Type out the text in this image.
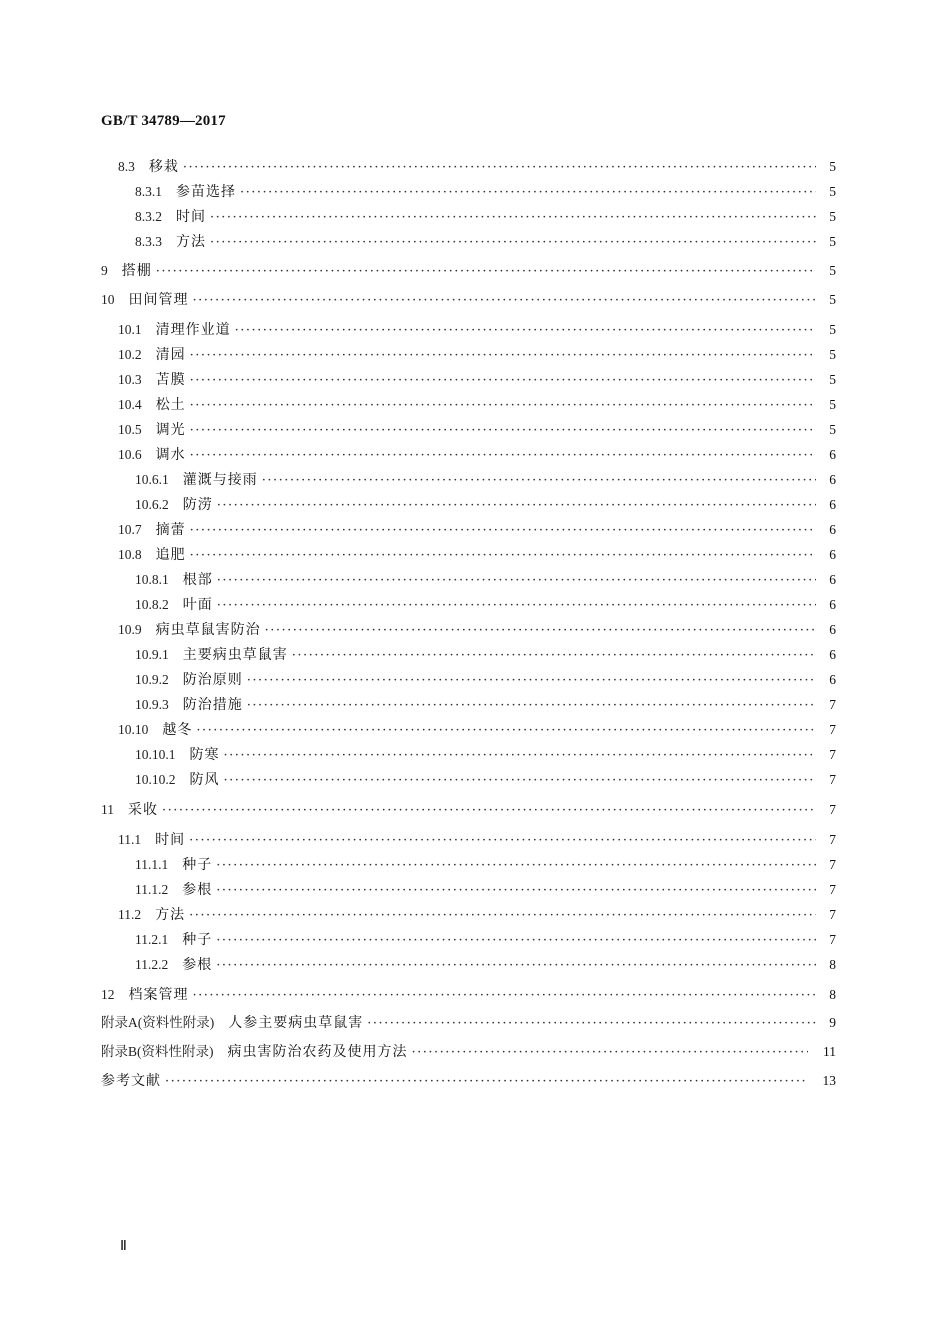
GB/T 34789—2017
8.3 移栽 ·····	5
8.3.1 参苗选择 ·····	5
8.3.2 时间 ·····	5
8.3.3 方法 ·····	5
9 搭棚 ·····	5
10 田间管理 ·····	5
10.1 清理作业道 ·····	5
10.2 清园 ·····	5
10.3 苫膜 ·····	5
10.4 松土 ·····	5
10.5 调光 ·····	5
10.6 调水 ·····	6
10.6.1 灌溉与接雨 ·····	6
10.6.2 防涝 ·····	6
10.7 摘蕾 ·····	6
10.8 追肥 ·····	6
10.8.1 根部 ·····	6
10.8.2 叶面 ·····	6
10.9 病虫草鼠害防治 ·····	6
10.9.1 主要病虫草鼠害 ·····	6
10.9.2 防治原则 ·····	6
10.9.3 防治措施 ·····	7
10.10 越冬 ·····	7
10.10.1 防寒 ·····	7
10.10.2 防风 ·····	7
11 采收 ·····	7
11.1 时间 ·····	7
11.1.1 种子 ·····	7
11.1.2 参根 ·····	7
11.2 方法 ·····	7
11.2.1 种子 ·····	7
11.2.2 参根 ·····	8
12 档案管理 ·····	8
附录A(资料性附录) 人参主要病虫草鼠害 ·····	9
附录B(资料性附录) 病虫害防治农药及使用方法 ·····	11
参考文献 ·····	13
Ⅱ
